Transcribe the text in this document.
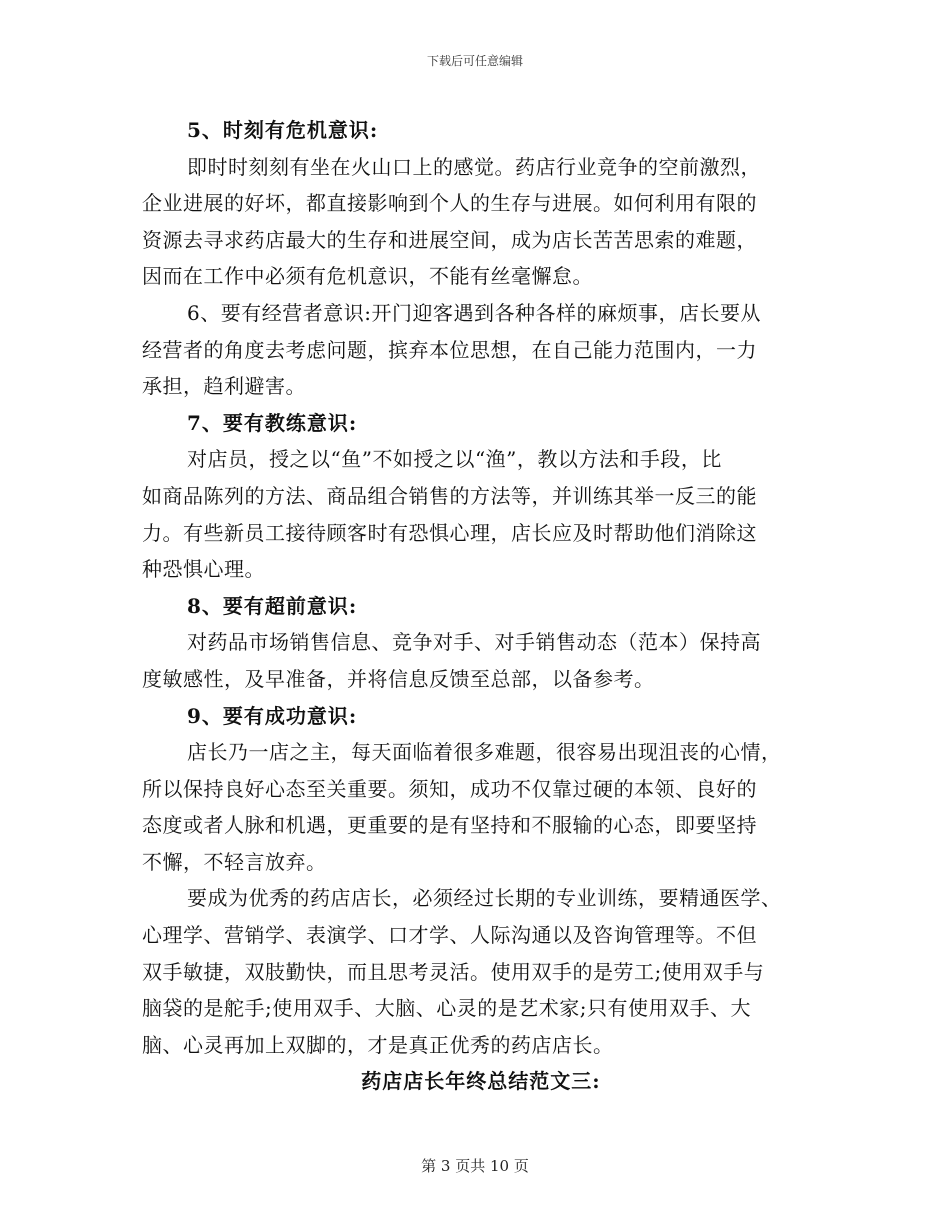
下载后可任意编辑
5、时刻有危机意识:
即时时刻刻有坐在火山口上的感觉。药店行业竞争的空前激烈，
企业进展的好坏，都直接影响到个人的生存与进展。如何利用有限的
资源去寻求药店最大的生存和进展空间，成为店长苦苦思索的难题，
因而在工作中必须有危机意识，不能有丝毫懈怠。
6、要有经营者意识:开门迎客遇到各种各样的麻烦事，店长要从
经营者的角度去考虑问题，摈弃本位思想，在自己能力范围内，一力
承担，趋利避害。
7、要有教练意识:
对店员，授之以“鱼”不如授之以“渔”，教以方法和手段，比
如商品陈列的方法、商品组合销售的方法等，并训练其举一反三的能
力。有些新员工接待顾客时有恐惧心理，店长应及时帮助他们消除这
种恐惧心理。
8、要有超前意识:
对药品市场销售信息、竞争对手、对手销售动态（范本）保持高
度敏感性，及早准备，并将信息反馈至总部，以备参考。
9、要有成功意识:
店长乃一店之主，每天面临着很多难题，很容易出现沮丧的心情，
所以保持良好心态至关重要。须知，成功不仅靠过硬的本领、良好的
态度或者人脉和机遇，更重要的是有坚持和不服输的心态，即要坚持
不懈，不轻言放弃。
要成为优秀的药店店长，必须经过长期的专业训练，要精通医学、
心理学、营销学、表演学、口才学、人际沟通以及咨询管理等。不但
双手敏捷，双肢勤快，而且思考灵活。使用双手的是劳工;使用双手与
脑袋的是舵手;使用双手、大脑、心灵的是艺术家;只有使用双手、大
脑、心灵再加上双脚的，才是真正优秀的药店店长。
药店店长年终总结范文三:
第 3 页共 10 页
